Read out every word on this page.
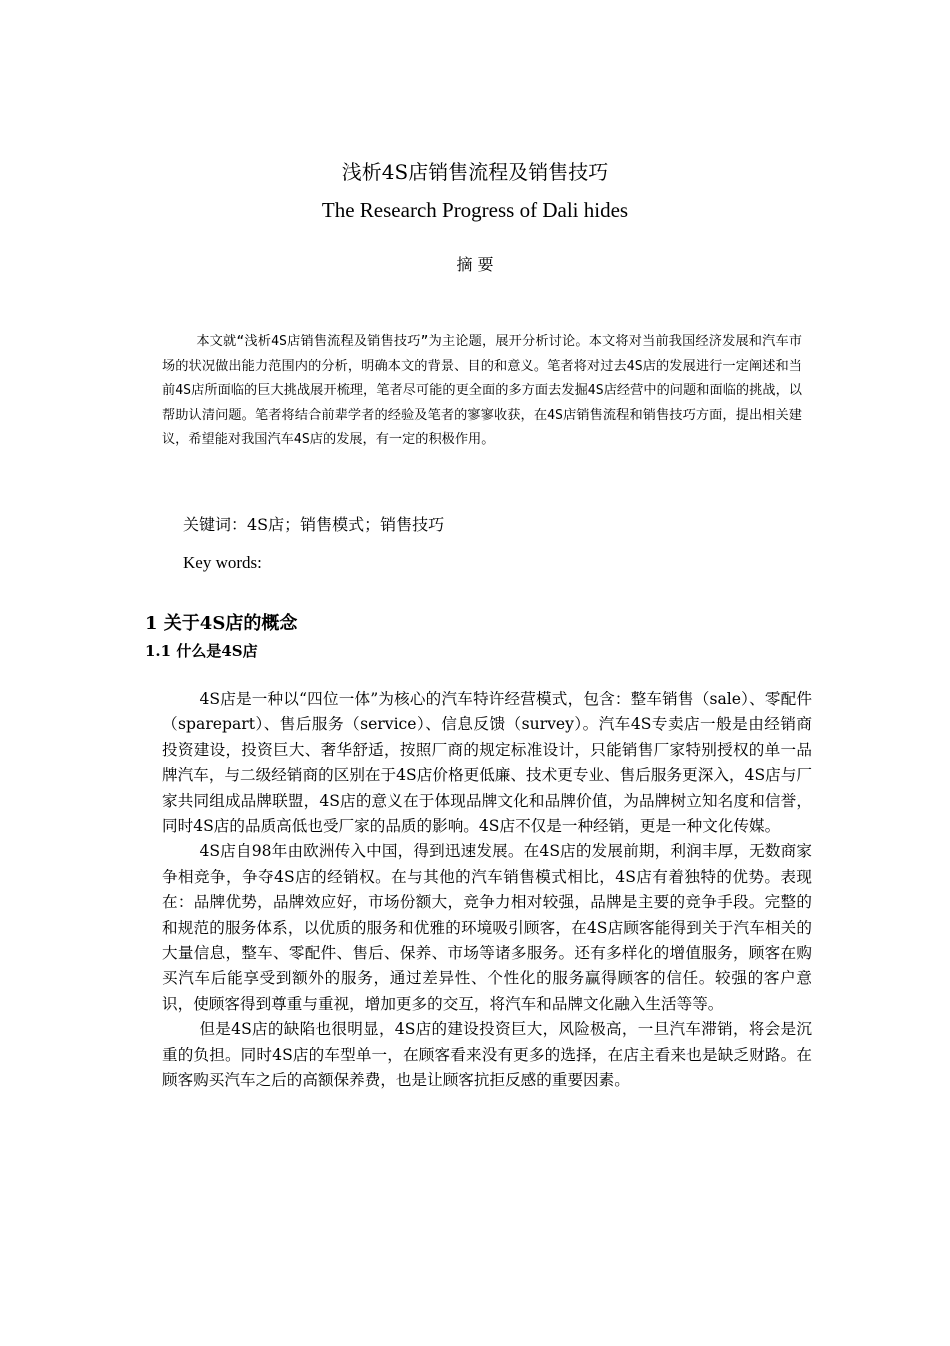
浅析4S店销售流程及销售技巧
The Research Progress of Dali hides
摘 要

本文就“浅析4S店销售流程及销售技巧”为主论题，展开分析讨论。本文将对当前我国经济发展和汽车市场的状况做出能力范围内的分析，明确本文的背景、目的和意义。笔者将对过去4S店的发展进行一定阐述和当前4S店所面临的巨大挑战展开梳理，笔者尽可能的更全面的多方面去发掘4S店经营中的问题和面临的挑战，以帮助认清问题。笔者将结合前辈学者的经验及笔者的寥寥收获，在4S店销售流程和销售技巧方面，提出相关建议，希望能对我国汽车4S店的发展，有一定的积极作用。

关键词：4S店；销售模式；销售技巧
Key words:
1 关于4S店的概念
1.1 什么是4S店

4S店是一种以“四位一体”为核心的汽车特许经营模式，包含：整车销售（sale）、零配件（sparepart）、售后服务（service）、信息反馈（survey）。汽车4S专卖店一般是由经销商投资建设，投资巨大、奢华舒适，按照厂商的规定标准设计，只能销售厂家特别授权的单一品牌汽车，与二级经销商的区别在于4S店价格更低廉、技术更专业、售后服务更深入，4S店与厂家共同组成品牌联盟，4S店的意义在于体现品牌文化和品牌价值，为品牌树立知名度和信誉，同时4S店的品质高低也受厂家的品质的影响。4S店不仅是一种经销，更是一种文化传媒。

4S店自98年由欧洲传入中国，得到迅速发展。在4S店的发展前期，利润丰厚，无数商家争相竞争，争夺4S店的经销权。在与其他的汽车销售模式相比，4S店有着独特的优势。表现在：品牌优势，品牌效应好，市场份额大，竞争力相对较强，品牌是主要的竞争手段。完整的和规范的服务体系，以优质的服务和优雅的环境吸引顾客，在4S店顾客能得到关于汽车相关的大量信息，整车、零配件、售后、保养、市场等诸多服务。还有多样化的增值服务，顾客在购买汽车后能享受到额外的服务，通过差异性、个性化的服务赢得顾客的信任。较强的客户意识，使顾客得到尊重与重视，增加更多的交互，将汽车和品牌文化融入生活等等。

但是4S店的缺陷也很明显，4S店的建设投资巨大，风险极高，一旦汽车滞销，将会是沉重的负担。同时4S店的车型单一，在顾客看来没有更多的选择，在店主看来也是缺乏财路。在顾客购买汽车之后的高额保养费，也是让顾客抗拒反感的重要因素。
